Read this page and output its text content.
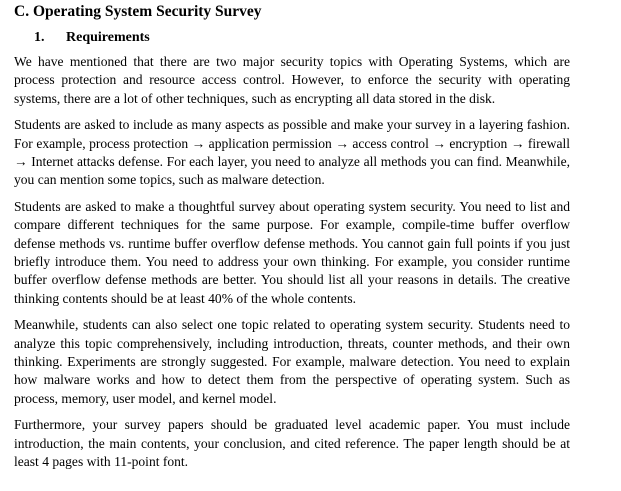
C. Operating System Security Survey
1. Requirements

We have mentioned that there are two major security topics with Operating Systems, which are process protection and resource access control. However, to enforce the security with operating systems, there are a lot of other techniques, such as encrypting all data stored in the disk.

Students are asked to include as many aspects as possible and make your survey in a layering fashion. For example, process protection → application permission → access control → encryption → firewall → Internet attacks defense. For each layer, you need to analyze all methods you can find. Meanwhile, you can mention some topics, such as malware detection.

Students are asked to make a thoughtful survey about operating system security. You need to list and compare different techniques for the same purpose. For example, compile-time buffer overflow defense methods vs. runtime buffer overflow defense methods. You cannot gain full points if you just briefly introduce them. You need to address your own thinking. For example, you consider runtime buffer overflow defense methods are better. You should list all your reasons in details. The creative thinking contents should be at least 40% of the whole contents.

Meanwhile, students can also select one topic related to operating system security. Students need to analyze this topic comprehensively, including introduction, threats, counter methods, and their own thinking. Experiments are strongly suggested. For example, malware detection. You need to explain how malware works and how to detect them from the perspective of operating system. Such as process, memory, user model, and kernel model.

Furthermore, your survey papers should be graduated level academic paper. You must include introduction, the main contents, your conclusion, and cited reference. The paper length should be at least 4 pages with 11-point font.
